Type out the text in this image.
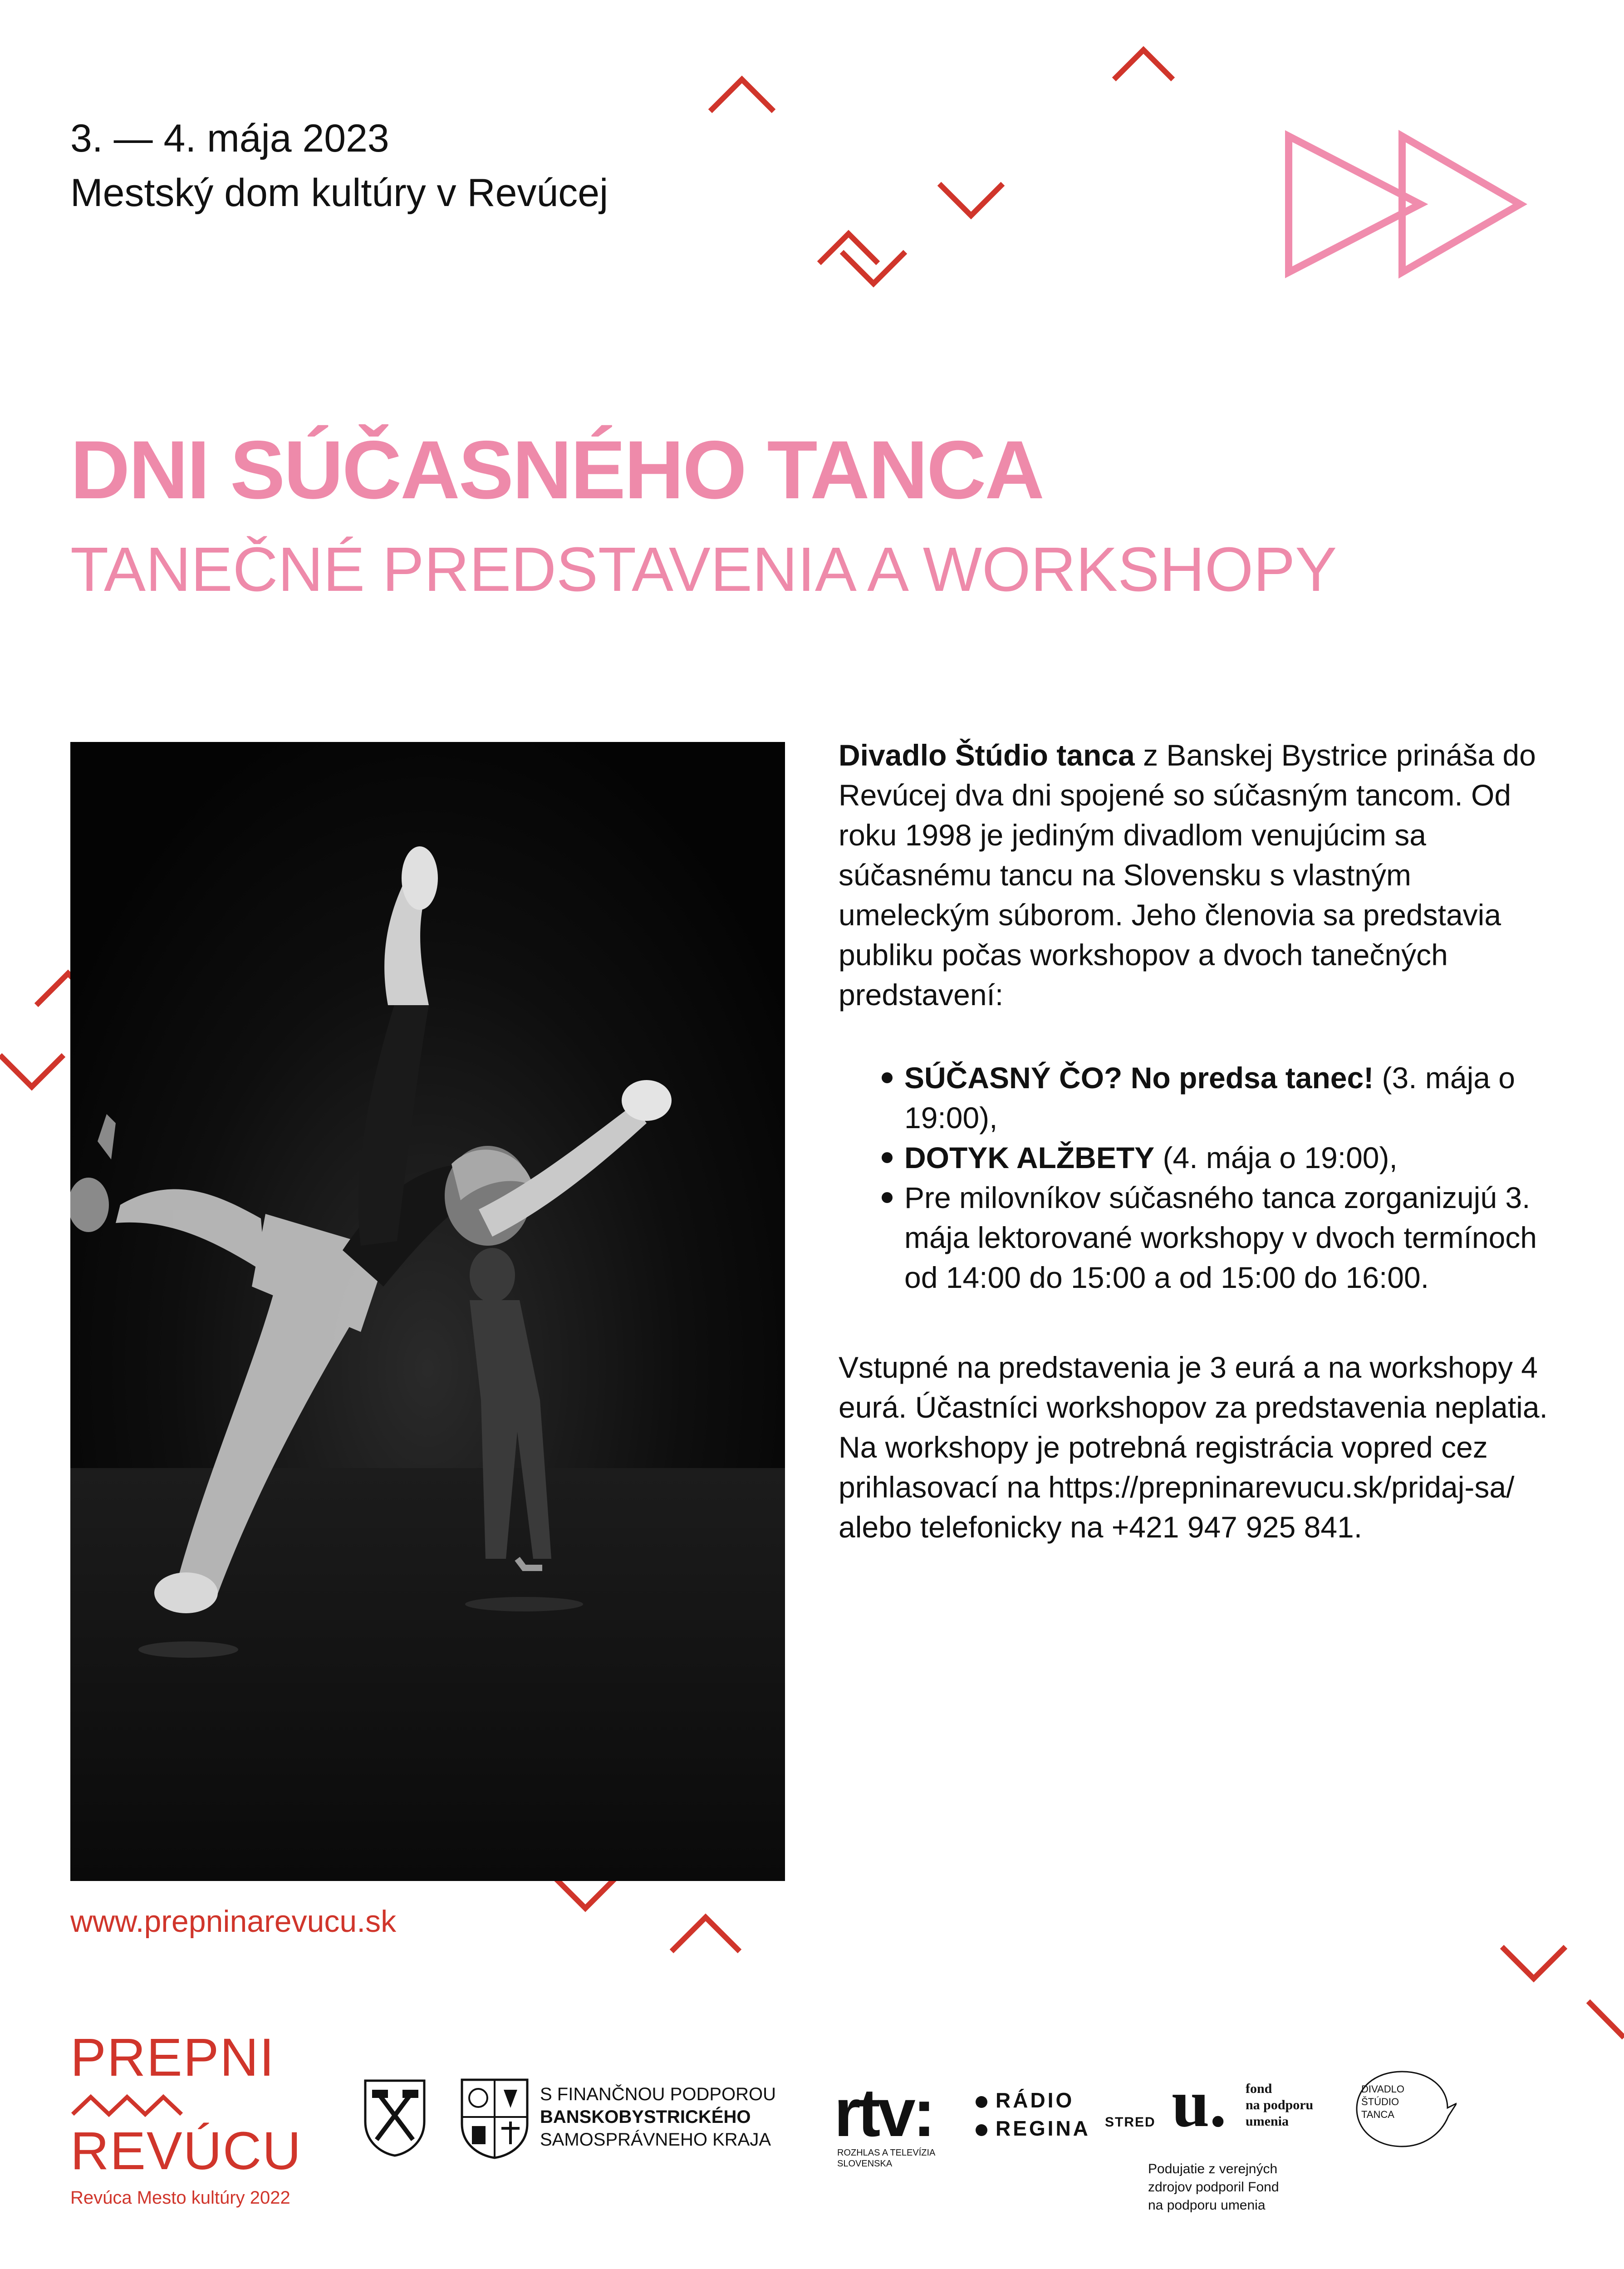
3. — 4. mája 2023
Mestský dom kultúry v Revúcej
DNI SÚČASNÉHO TANCA
TANEČNÉ PREDSTAVENIA A WORKSHOPY

Divadlo Štúdio tanca z Banskej Bystrice prináša do Revúcej dva dni spojené so súčasným tancom. Od roku 1998 je jediným divadlom venujúcim sa súčasnému tancu na Slovensku s vlastným umeleckým súborom. Jeho členovia sa predstavia publiku počas workshopov a dvoch tanečných predstavení:

SÚČASNÝ ČO? No predsa tanec! (3. mája o 19:00),
DOTYK ALŽBETY (4. mája o 19:00),
Pre milovníkov súčasného tanca zorganizujú 3. mája lektorované workshopy v dvoch termínoch od 14:00 do 15:00 a od 15:00 do 16:00.

Vstupné na predstavenia je 3 eurá a na workshopy 4 eurá. Účastníci workshopov za predstavenia neplatia. Na workshopy je potrebná registrácia vopred cez prihlasovací na https://prepninarevucu.sk/pridaj-sa/ alebo telefonicky na +421 947 925 841.

www.prepninarevucu.sk
PREPNI
REVÚCU
Revúca Mesto kultúry 2022
S FINANČNOU PODPOROU
BANSKOBYSTRICKÉHO
SAMOSPRÁVNEHO KRAJA rtv:
ROZHLAS A TELEVÍZIA
SLOVENSKA
RÁDIO
REGINA STRED u. fond
na podporu
umenia
Podujatie z verejných
zdrojov podporil Fond
na podporu umenia
DIVADLO
ŠTÚDIO
TANCA
